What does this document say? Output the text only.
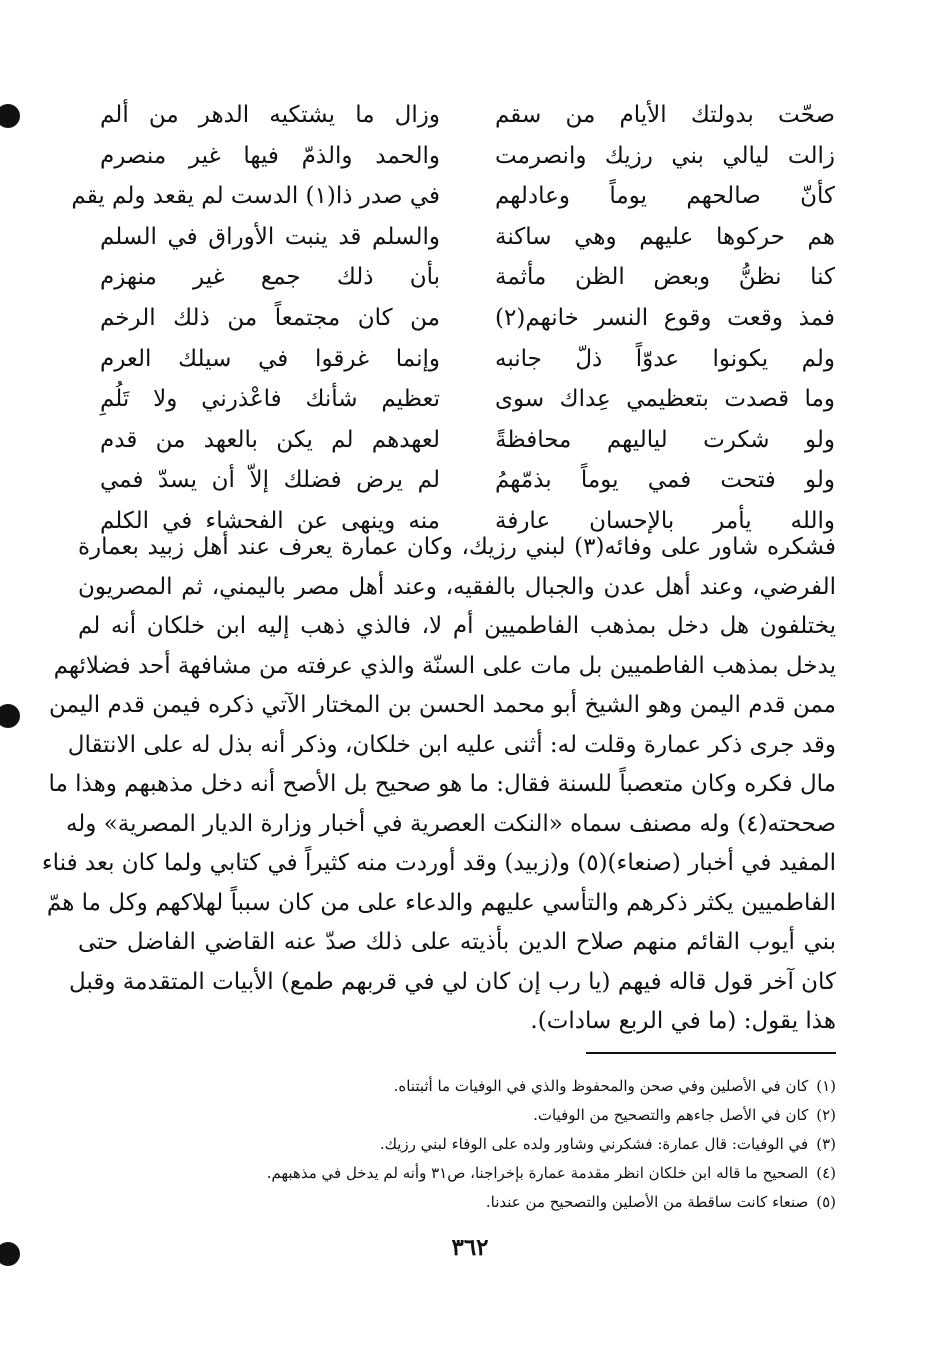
صحّت بدولتك الأيام من سقم
وزال ما يشتكيه الدهر من ألم
زالت ليالي بني رزيك وانصرمت
والحمد والذمّ فيها غير منصرم
كأنّ صالحهم يوماً وعادلهم
في صدر ذا(١) الدست لم يقعد ولم يقم
هم حركوها عليهم وهي ساكنة
والسلم قد ينبت الأوراق في السلم
كنا نظنُّ وبعض الظن مأثمة
بأن ذلك جمع غير منهزم
فمذ وقعت وقوع النسر خانهم(٢)
من كان مجتمعاً من ذلك الرخم
ولم يكونوا عدوّاً ذلّ جانبه
وإنما غرقوا في سيلك العرم
وما قصدت بتعظيمي عِداك سوى
تعظيم شأنك فاعْذرني ولا تَلُمِ
ولو شكرت لياليهم محافظةً
لعهدهم لم يكن بالعهد من قدم
ولو فتحت فمي يوماً بذمّهمُ
لم يرض فضلك إلاّ أن يسدّ فمي
والله يأمر بالإحسان عارفة
منه وينهى عن الفحشاء في الكلم
فشكره شاور على وفائه(٣) لبني رزيك، وكان عمارة يعرف عند أهل زبيد بعمارة
الفرضي، وعند أهل عدن والجبال بالفقيه، وعند أهل مصر باليمني، ثم المصريون
يختلفون هل دخل بمذهب الفاطميين أم لا، فالذي ذهب إليه ابن خلكان أنه لم
يدخل بمذهب الفاطميين بل مات على السنّة والذي عرفته من مشافهة أحد فضلائهم
ممن قدم اليمن وهو الشيخ أبو محمد الحسن بن المختار الآتي ذكره فيمن قدم اليمن
وقد جرى ذكر عمارة وقلت له: أثنى عليه ابن خلكان، وذكر أنه بذل له على الانتقال
مال فكره وكان متعصباً للسنة فقال: ما هو صحيح بل الأصح أنه دخل مذهبهم وهذا ما
صححته(٤) وله مصنف سماه «النكت العصرية في أخبار وزارة الديار المصرية» وله
المفيد في أخبار (صنعاء)(٥) و(زبيد) وقد أوردت منه كثيراً في كتابي ولما كان بعد فناء
الفاطميين يكثر ذكرهم والتأسي عليهم والدعاء على من كان سبباً لهلاكهم وكل ما همّ
بني أيوب القائم منهم صلاح الدين بأذيته على ذلك صدّ عنه القاضي الفاضل حتى
كان آخر قول قاله فيهم (يا رب إن كان لي في قربهم طمع) الأبيات المتقدمة وقبل
هذا يقول: (ما في الربع سادات).
(١)كان في الأصلين وفي صحن والمحفوظ والذي في الوفيات ما أثبتناه.
(٢)كان في الأصل جاءهم والتصحيح من الوفيات.
(٣)في الوفيات: قال عمارة: فشكرني وشاور ولده على الوفاء لبني رزيك.
(٤)الصحيح ما قاله ابن خلكان انظر مقدمة عمارة بإخراجنا، ص٣١ وأنه لم يدخل في مذهبهم.
(٥)صنعاء كانت ساقطة من الأصلين والتصحيح من عندنا.
٣٦٢
